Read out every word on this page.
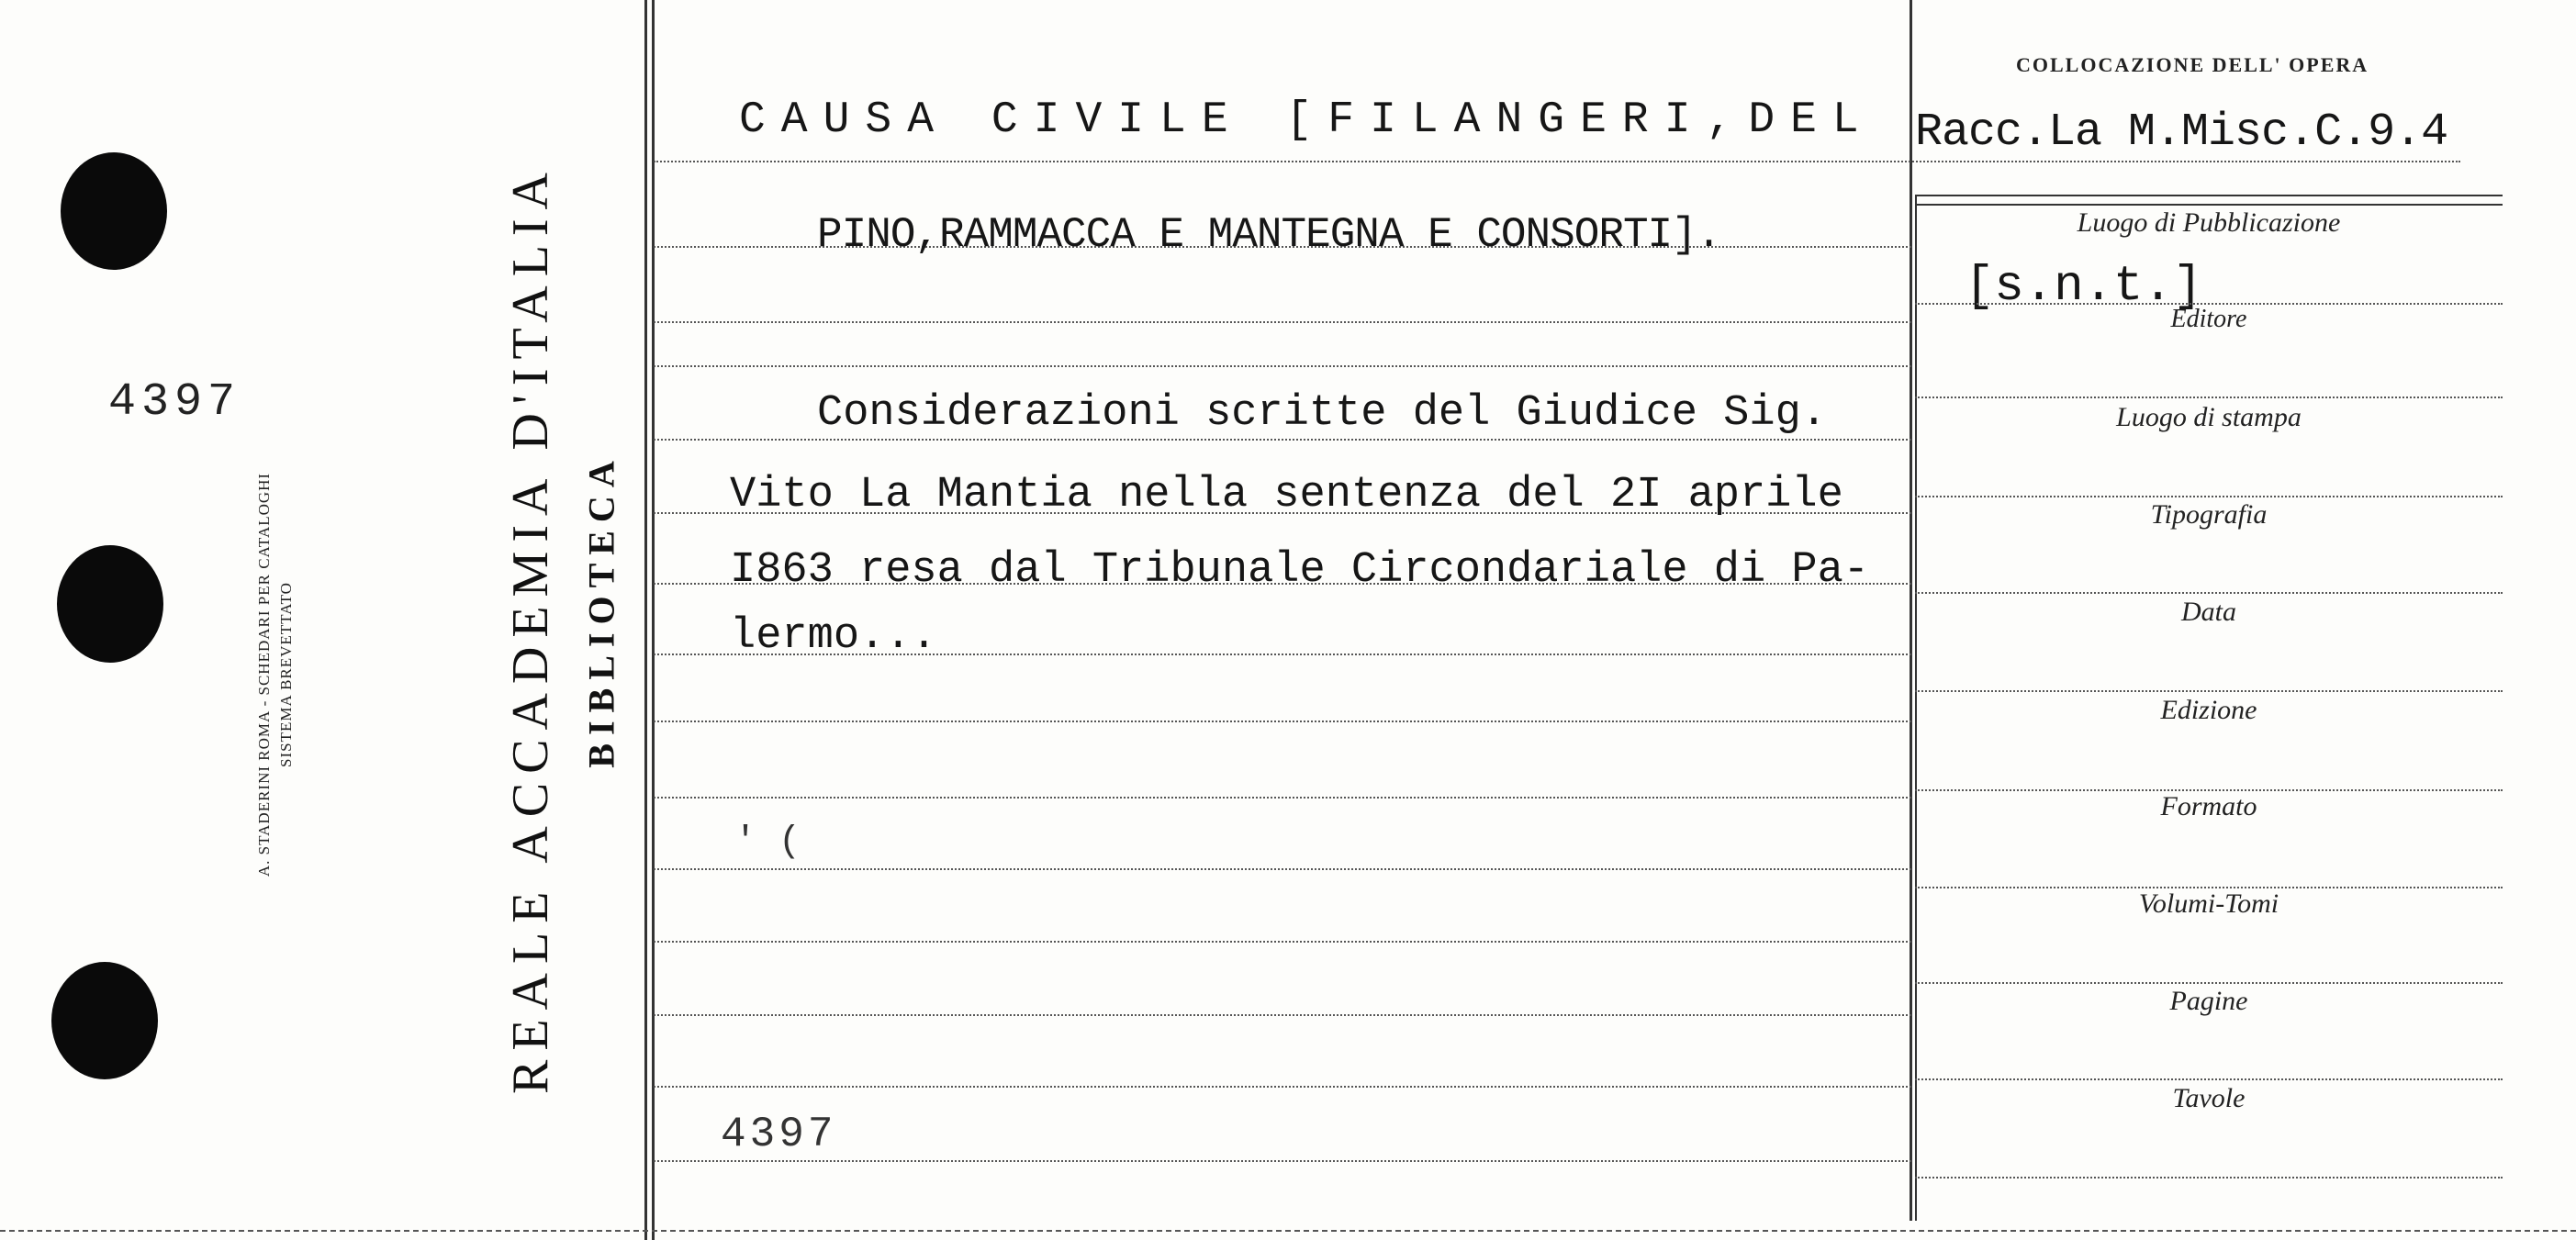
4397
A. STADERINI ROMA - SCHEDARI PER CATALOGHI SISTEMA BREVETTATO	REALE ACCADEMIA D'ITALIA BIBLIOTECA
CAUSA CIVILE [FILANGERI,DEL
PINO,RAMMACCA E MANTEGNA E CONSORTI].
Considerazioni scritte del Giudice Sig.
Vito La Mantia nella sentenza del 2I aprile
I863 resa dal Tribunale Circondariale di Pa-
lermo...
' (
4397
COLLOCAZIONE DELL' OPERA
Racc.La M.Misc.C.9.4
Luogo di Pubblicazione
[s.n.t.]
Editore
Luogo di stampa
Tipografia
Data
Edizione
Formato
Volumi-Tomi
Pagine
Tavole
